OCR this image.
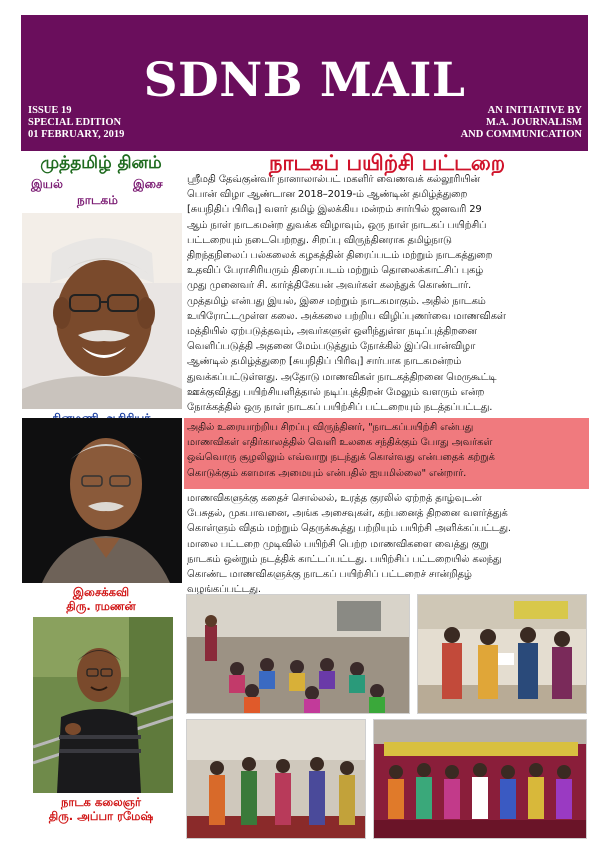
SDNB MAIL
ISSUE 19
SPECIAL EDITION
01 FEBRUARY, 2019
AN INITIATIVE BY
M.A. JOURNALISM
AND COMMUNICATION
முத்தமிழ் தினம்
இயல்	இசை
நாடகம்
இசைக்கவி
திரு. ரமணன்
நாடக கலைஞர்
திரு. அப்பா ரமேஷ்
நாடகப் பயிற்சி பட்டறை
ஸ்ரீமதி தேவ்குன்வர் நானாலால்பட் மகளிர் வைணவக் கல்லூரியின்
பொன் விழா ஆண்டான 2018–2019-ம் ஆண்டின் தமிழ்த்துறை
[சுயநிதிப் பிரிவு] வளர் தமிழ் இலக்கிய மன்றம் சார்பில் ஜனவரி 29
ஆம் நாள் நாடகமன்ற துவக்க விழாவும், ஒரு நாள் நாடகப் பயிற்சிப்
பட்டறையும் நடைபெற்றது. சிறப்பு விருந்தினராக தமிழ்நாடு
திறந்தநிலைப் பல்கலைக் கழகத்தின் திரைப்படம் மற்றும் நாடகத்துறை
உதவிப் பேராசிரியரும் திரைப்படம் மற்றும் தொலைக்காட்சிப் புகழ்
முது முனைவர் சி. கார்த்திகேயன் அவர்கள் கலந்துக் கொண்டார்.
முத்தமிழ் என்பது இயல், இசை மற்றும் நாடகமாகும். அதில் நாடகம்
உயிரோட்டமுள்ள கலை. அக்கலை பற்றிய விழிப்புணர்வை மாணவிகள்
மத்தியில் ஏற்படுத்தவும், அவர்களுள் ஒளிந்துள்ள நடிப்புத்திறனை
வெளிப்படுத்தி அதனை மேம்படுத்தும் நோக்கில் இப்பொன்விழா
ஆண்டில் தமிழ்த்துறை [சுயநிதிப் பிரிவு] சார்பாக நாடகமன்றம்
துவக்கப்பட்டுள்ளது. அதோடு மாணவிகள் நாடகத்திறனை மெருகூட்டி
ஊக்குவித்து பயிற்சியளித்தால் நடிப்புத்திறன் மேலும் வளரும் என்ற
நோக்கத்தில் ஒரு நாள் நாடகப் பயிற்சிப் பட்டறையும் நடத்தப்பட்டது.
அதில் உரையாற்றிய சிறப்பு விருந்தினர், "நாடகப்பயிற்சி என்பது
மாணவிகள் எதிர்காலத்தில் வெளி உலகை சந்திக்கும் போது அவர்கள்
ஒவ்வொரு சூழலிலும் எவ்வாறு நடந்துக் கொள்வது என்பதைக் கற்றுக்
கொடுக்கும் களமாக அமையும் என்பதில் ஐயமில்லை" என்றார்.
மாணவிகளுக்கு கதைச் சொல்லல், உரத்த குரலில் ஏற்றத் தாழ்வுடன்
பேசுதல், முகபாவனை, அங்க அசைவுகள், கற்பனைத் திறனை வளர்த்துக்
கொள்ளும் விதம் மற்றும் தெருக்கூத்து பற்றியும் பயிற்சி அளிக்கப்பட்டது.
மாலை பட்டறை முடிவில் பயிற்சி பெற்ற மாணவிகளை வைத்து குறு
நாடகம் ஒன்றும் நடத்திக் காட்டப்பட்டது. பயிற்சிப் பட்டறையில் கலந்து
கொண்ட மாணவிகளுக்கு நாடகப் பயிற்சிப் பட்டறைச் சான்றிதழ்
வழங்கப்பட்டது.
